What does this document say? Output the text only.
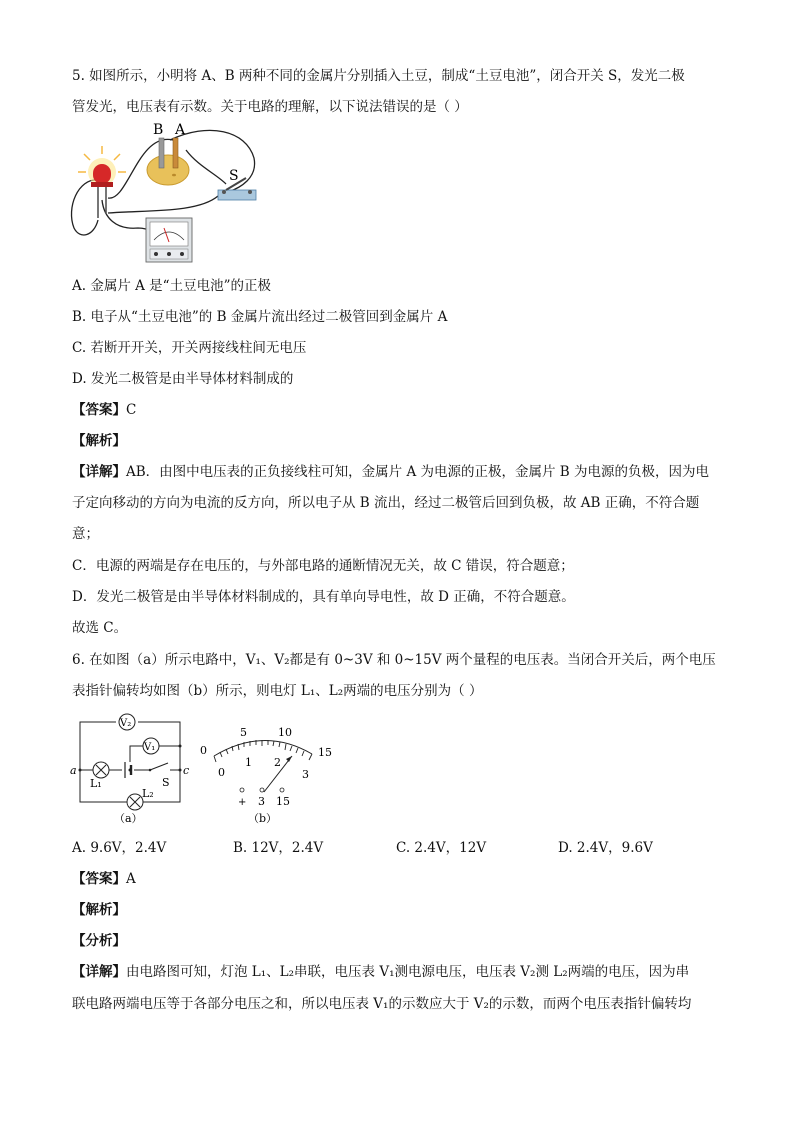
5. 如图所示，小明将 A、B 两种不同的金属片分别插入土豆，制成“土豆电池”，闭合开关 S，发光二极
管发光，电压表有示数。关于电路的理解，以下说法错误的是（ ）
B A
S
A. 金属片 A 是“土豆电池”的正极
B. 电子从“土豆电池”的 B 金属片流出经过二极管回到金属片 A
C. 若断开开关，开关两接线柱间无电压
D. 发光二极管是由半导体材料制成的
【答案】C
【解析】
【详解】AB．由图中电压表的正负接线柱可知，金属片 A 为电源的正极，金属片 B 为电源的负极，因为电
子定向移动的方向为电流的反方向，所以电子从 B 流出，经过二极管后回到负极，故 AB 正确，不符合题
意；
C．电源的两端是存在电压的，与外部电路的通断情况无关，故 C 错误，符合题意；
D．发光二极管是由半导体材料制成的，具有单向导电性，故 D 正确，不符合题意。
故选 C。
6. 在如图（a）所示电路中，V₁、V₂都是有 0~3V 和 0~15V 两个量程的电压表。当闭合开关后，两个电压
表指针偏转均如图（b）所示，则电灯 L₁、L₂两端的电压分别为（ ）
V₂
V₁
a	c
S
L₁
L₂
（a）
0
5	10
15
0
1 2
3
+ 3 15
（b）
A. 9.6V，2.4V	B. 12V，2.4V	C. 2.4V，12V	D. 2.4V，9.6V
【答案】A
【解析】
【分析】
【详解】由电路图可知，灯泡 L₁、L₂串联，电压表 V₁测电源电压，电压表 V₂测 L₂两端的电压，因为串
联电路两端电压等于各部分电压之和，所以电压表 V₁的示数应大于 V₂的示数，而两个电压表指针偏转均
